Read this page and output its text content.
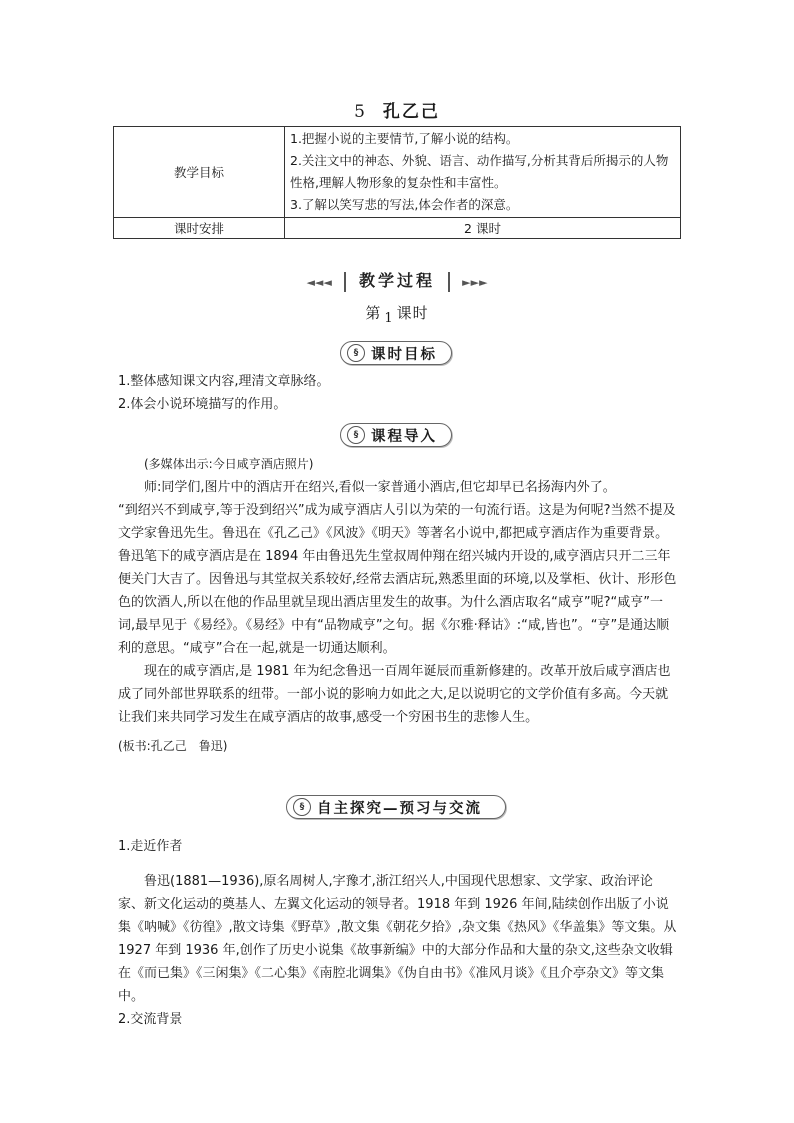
5 孔乙己
教学目标	1.把握小说的主要情节,了解小说的结构。
2.关注文中的神态、外貌、语言、动作描写,分析其背后所揭示的人物性格,理解人物形象的复杂性和丰富性。
3.了解以笑写悲的写法,体会作者的深意。

课时安排	2 课时
◄◄◄ 教学过程 ►►►
第 1 课时
§ 课时目标

1.整体感知课文内容,理清文章脉络。

2.体会小说环境描写的作用。

§ 课程导入

(多媒体出示:今日咸亨酒店照片)

师:同学们,图片中的酒店开在绍兴,看似一家普通小酒店,但它却早已名扬海内外了。

“到绍兴不到咸亨,等于没到绍兴”成为咸亨酒店人引以为荣的一句流行语。这是为何呢?当然不提及文学家鲁迅先生。鲁迅在《孔乙己》《风波》《明天》等著名小说中,都把咸亨酒店作为重要背景。鲁迅笔下的咸亨酒店是在 1894 年由鲁迅先生堂叔周仲翔在绍兴城内开设的,咸亨酒店只开二三年便关门大吉了。因鲁迅与其堂叔关系较好,经常去酒店玩,熟悉里面的环境,以及掌柜、伙计、形形色色的饮酒人,所以在他的作品里就呈现出酒店里发生的故事。为什么酒店取名“咸亨”呢?“咸亨”一词,最早见于《易经》。《易经》中有“品物咸亨”之句。据《尔雅·释诂》:“咸,皆也”。“亨”是通达顺利的意思。“咸亨”合在一起,就是一切通达顺利。

现在的咸亨酒店,是 1981 年为纪念鲁迅一百周年诞辰而重新修建的。改革开放后咸亨酒店也成了同外部世界联系的纽带。一部小说的影响力如此之大,足以说明它的文学价值有多高。今天就让我们来共同学习发生在咸亨酒店的故事,感受一个穷困书生的悲惨人生。

(板书:孔乙己　鲁迅)

§ 自主探究—预习与交流

1.走近作者

鲁迅(1881—1936),原名周树人,字豫才,浙江绍兴人,中国现代思想家、文学家、政治评论家、新文化运动的奠基人、左翼文化运动的领导者。1918 年到 1926 年间,陆续创作出版了小说集《呐喊》《彷徨》,散文诗集《野草》,散文集《朝花夕拾》,杂文集《热风》《华盖集》等文集。从 1927 年到 1936 年,创作了历史小说集《故事新编》中的大部分作品和大量的杂文,这些杂文收辑在《而已集》《三闲集》《二心集》《南腔北调集》《伪自由书》《准风月谈》《且介亭杂文》等文集中。

2.交流背景
